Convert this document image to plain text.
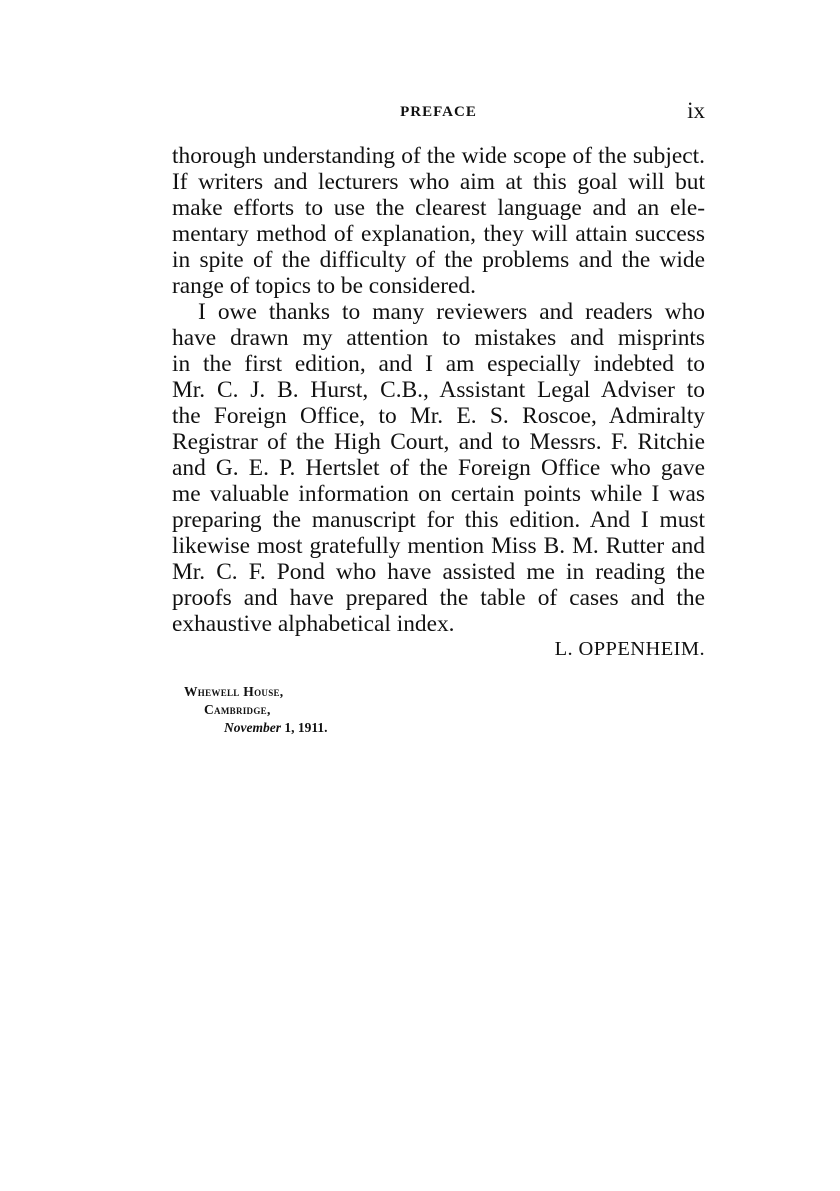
PREFACE	ix
thorough understanding of the wide scope of the subject.
If writers and lecturers who aim at this goal will but
make efforts to use the clearest language and an ele-
mentary method of explanation, they will attain success
in spite of the difficulty of the problems and the wide
range of topics to be considered.
I owe thanks to many reviewers and readers who
have drawn my attention to mistakes and misprints
in the first edition, and I am especially indebted to
Mr. C. J. B. Hurst, C.B., Assistant Legal Adviser to
the Foreign Office, to Mr. E. S. Roscoe, Admiralty
Registrar of the High Court, and to Messrs. F. Ritchie
and G. E. P. Hertslet of the Foreign Office who gave
me valuable information on certain points while I was
preparing the manuscript for this edition. And I must
likewise most gratefully mention Miss B. M. Rutter and
Mr. C. F. Pond who have assisted me in reading the
proofs and have prepared the table of cases and the
exhaustive alphabetical index.
L. OPPENHEIM.
Whewell House,
Cambridge,
November 1, 1911.
